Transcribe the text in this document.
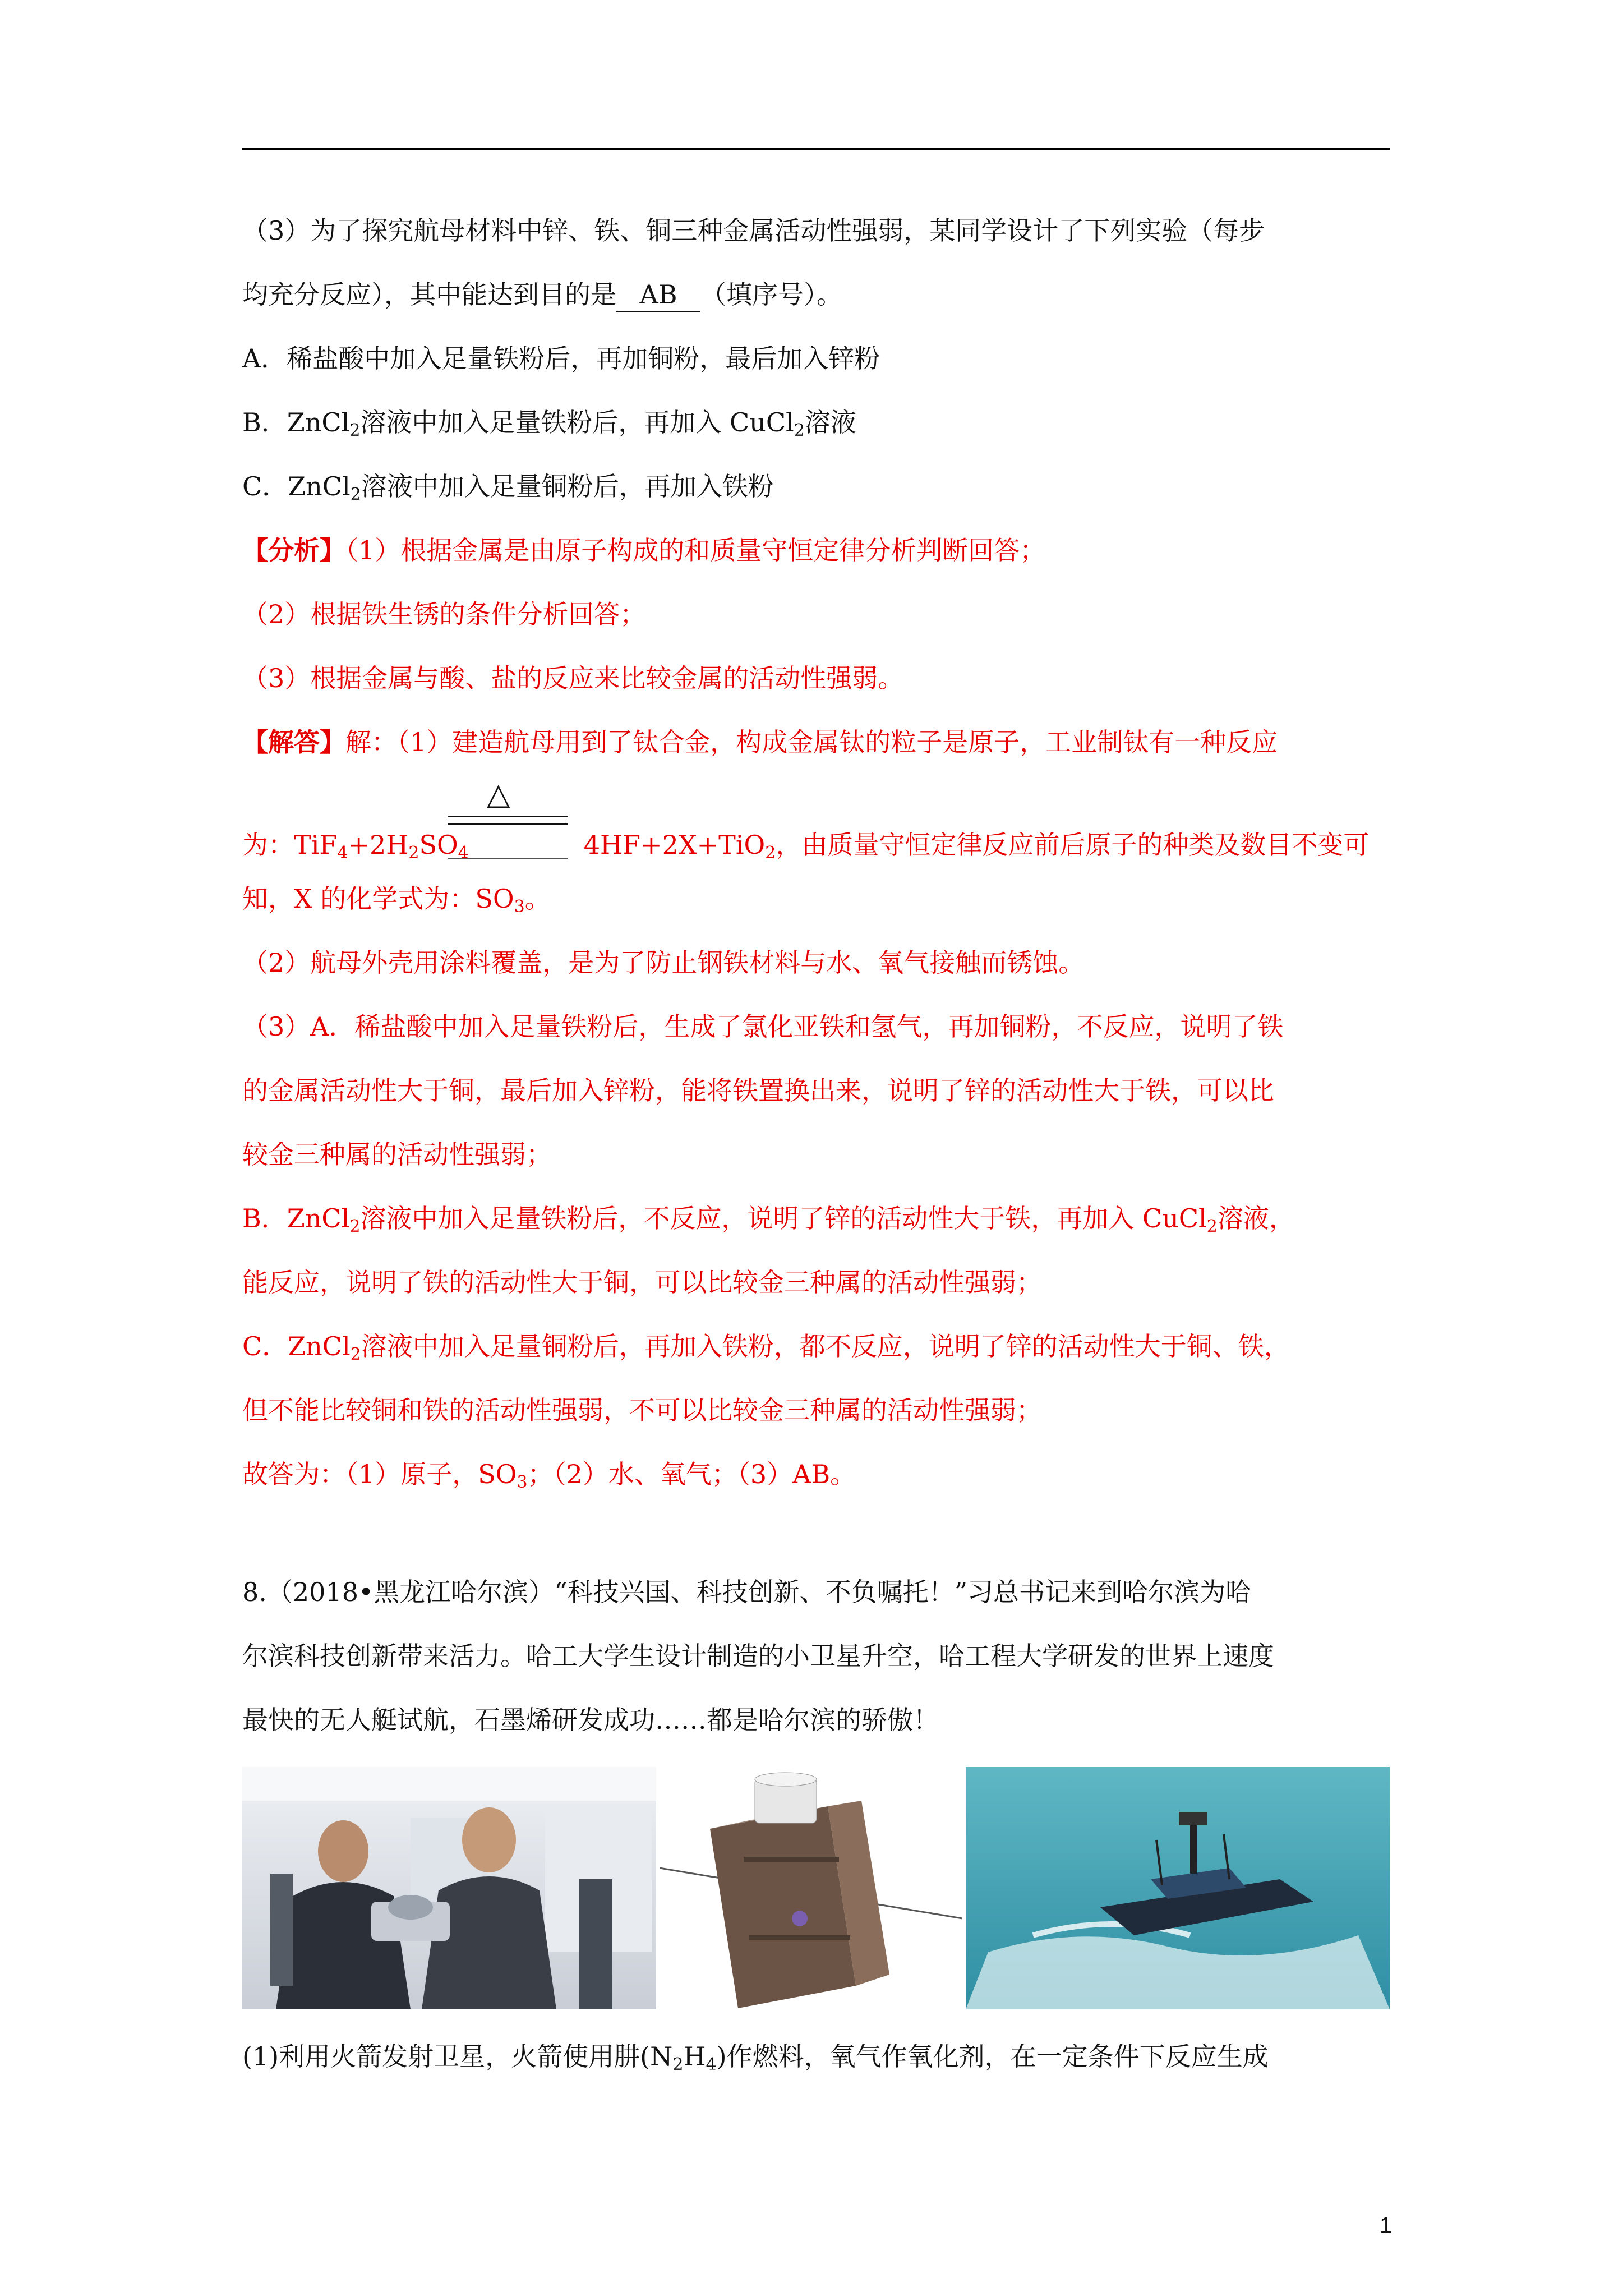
（3）为了探究航母材料中锌、铁、铜三种金属活动性强弱，某同学设计了下列实验（每步
均充分反应），其中能达到目的是 AB （填序号）。
A．稀盐酸中加入足量铁粉后，再加铜粉，最后加入锌粉
B．ZnCl$_2$溶液中加入足量铁粉后，再加入 CuCl$_2$溶液
C．ZnCl$_2$溶液中加入足量铜粉后，再加入铁粉
【分析】（1）根据金属是由原子构成的和质量守恒定律分析判断回答；
（2）根据铁生锈的条件分析回答；
（3）根据金属与酸、盐的反应来比较金属的活动性强弱。
【解答】解：（1）建造航母用到了钛合金，构成金属钛的粒子是原子，工业制钛有一种反应
△
为：$TiF_4+2H_2SO_4$	4HF+2X+TiO$_2$，由质量守恒定律反应前后原子的种类及数目不变可
知，X 的化学式为：$SO_3$。
（2）航母外壳用涂料覆盖，是为了防止钢铁材料与水、氧气接触而锈蚀。
（3）A．稀盐酸中加入足量铁粉后，生成了氯化亚铁和氢气，再加铜粉，不反应，说明了铁
的金属活动性大于铜，最后加入锌粉，能将铁置换出来，说明了锌的活动性大于铁，可以比
较金三种属的活动性强弱；
B．ZnCl$_2$溶液中加入足量铁粉后，不反应，说明了锌的活动性大于铁，再加入 CuCl$_2$溶液，
能反应，说明了铁的活动性大于铜，可以比较金三种属的活动性强弱；
C．ZnCl$_2$溶液中加入足量铜粉后，再加入铁粉，都不反应，说明了锌的活动性大于铜、铁，
但不能比较铜和铁的活动性强弱，不可以比较金三种属的活动性强弱；
故答为：（1）原子，$SO_3$；（2）水、氧气；（3）AB。
8.（2018•黑龙江哈尔滨）“科技兴国、科技创新、不负嘱托！”习总书记来到哈尔滨为哈
尔滨科技创新带来活力。哈工大学生设计制造的小卫星升空，哈工程大学研发的世界上速度
最快的无人艇试航，石墨烯研发成功……都是哈尔滨的骄傲！
(1)利用火箭发射卫星，火箭使用肼$(N_2H_4)$作燃料，氧气作氧化剂，在一定条件下反应生成
1
